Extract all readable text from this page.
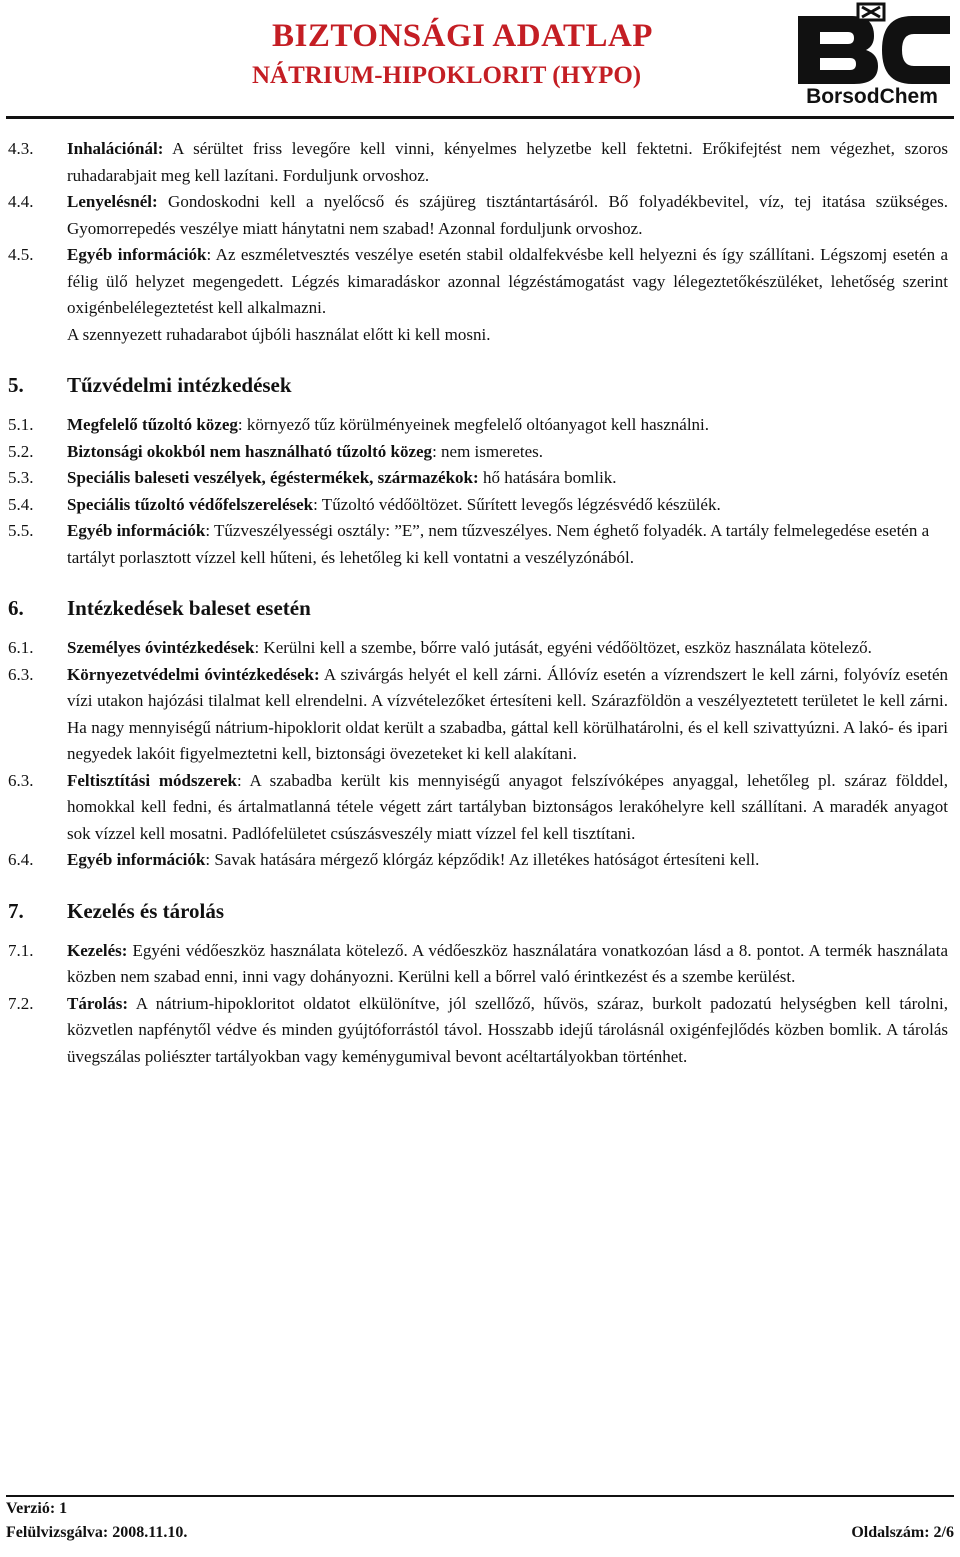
BIZTONSÁGI ADATLAP
NÁTRIUM-HIPOKLORIT (HYPO)
BorsodChem
4.3.	Inhalációnál: A sérültet friss levegőre kell vinni, kényelmes helyzetbe kell fektetni. Erőkifejtést nem végezhet, szoros ruhadarabjait meg kell lazítani. Forduljunk orvoshoz.
4.4.	Lenyelésnél: Gondoskodni kell a nyelőcső és szájüreg tisztántartásáról. Bő folyadékbevitel, víz, tej itatása szükséges. Gyomorrepedés veszélye miatt hánytatni nem szabad! Azonnal forduljunk orvoshoz.
4.5.	Egyéb információk: Az eszméletvesztés veszélye esetén stabil oldalfekvésbe kell helyezni és így szállítani. Légszomj esetén a félig ülő helyzet megengedett. Légzés kimaradáskor azonnal légzéstámogatást vagy lélegeztetőkészüléket, lehetőség szerint oxigénbelélegeztetést kell alkalmazni.
A szennyezett ruhadarabot újbóli használat előtt ki kell mosni.
5.	Tűzvédelmi intézkedések
5.1.	Megfelelő tűzoltó közeg: környező tűz körülményeinek megfelelő oltóanyagot kell használni.
5.2.	Biztonsági okokból nem használható tűzoltó közeg: nem ismeretes.
5.3.	Speciális baleseti veszélyek, égéstermékek, származékok: hő hatására bomlik.
5.4.	Speciális tűzoltó védőfelszerelések: Tűzoltó védőöltözet. Sűrített levegős légzésvédő készülék.
5.5.	Egyéb információk: Tűzveszélyességi osztály: ”E”, nem tűzveszélyes. Nem éghető folyadék. A tartály felmelegedése esetén a tartályt porlasztott vízzel kell hűteni, és lehetőleg ki kell vontatni a veszélyzónából.
6.	Intézkedések baleset esetén
6.1.	Személyes óvintézkedések: Kerülni kell a szembe, bőrre való jutását, egyéni védőöltözet, eszköz használata kötelező.
6.3.	Környezetvédelmi óvintézkedések: A szivárgás helyét el kell zárni. Állóvíz esetén a vízrendszert le kell zárni, folyóvíz esetén vízi utakon hajózási tilalmat kell elrendelni. A vízvételezőket értesíteni kell. Szárazföldön a veszélyeztetett területet le kell zárni. Ha nagy mennyiségű nátrium-hipoklorit oldat került a szabadba, gáttal kell körülhatárolni, és el kell szivattyúzni. A lakó- és ipari negyedek lakóit figyelmeztetni kell, biztonsági övezeteket ki kell alakítani.
6.3.	Feltisztítási módszerek: A szabadba került kis mennyiségű anyagot felszívóképes anyaggal, lehetőleg pl. száraz földdel, homokkal kell fedni, és ártalmatlanná tétele végett zárt tartályban biztonságos lerakóhelyre kell szállítani. A maradék anyagot sok vízzel kell mosatni. Padlófelületet csúszásveszély miatt vízzel fel kell tisztítani.
6.4.	Egyéb információk: Savak hatására mérgező klórgáz képződik! Az illetékes hatóságot értesíteni kell.
7.	Kezelés és tárolás
7.1.	Kezelés: Egyéni védőeszköz használata kötelező. A védőeszköz használatára vonatkozóan lásd a 8. pontot. A termék használata közben nem szabad enni, inni vagy dohányozni. Kerülni kell a bőrrel való érintkezést és a szembe kerülést.
7.2.	Tárolás: A nátrium-hipokloritot oldatot elkülönítve, jól szellőző, hűvös, száraz, burkolt padozatú helységben kell tárolni, közvetlen napfénytől védve és minden gyújtóforrástól távol. Hosszabb idejű tárolásnál oxigénfejlődés közben bomlik. A tárolás üvegszálas poliészter tartályokban vagy keménygumival bevont acéltartályokban történhet.
Verzió: 1
Felülvizsgálva: 2008.11.10.	Oldalszám: 2/6
